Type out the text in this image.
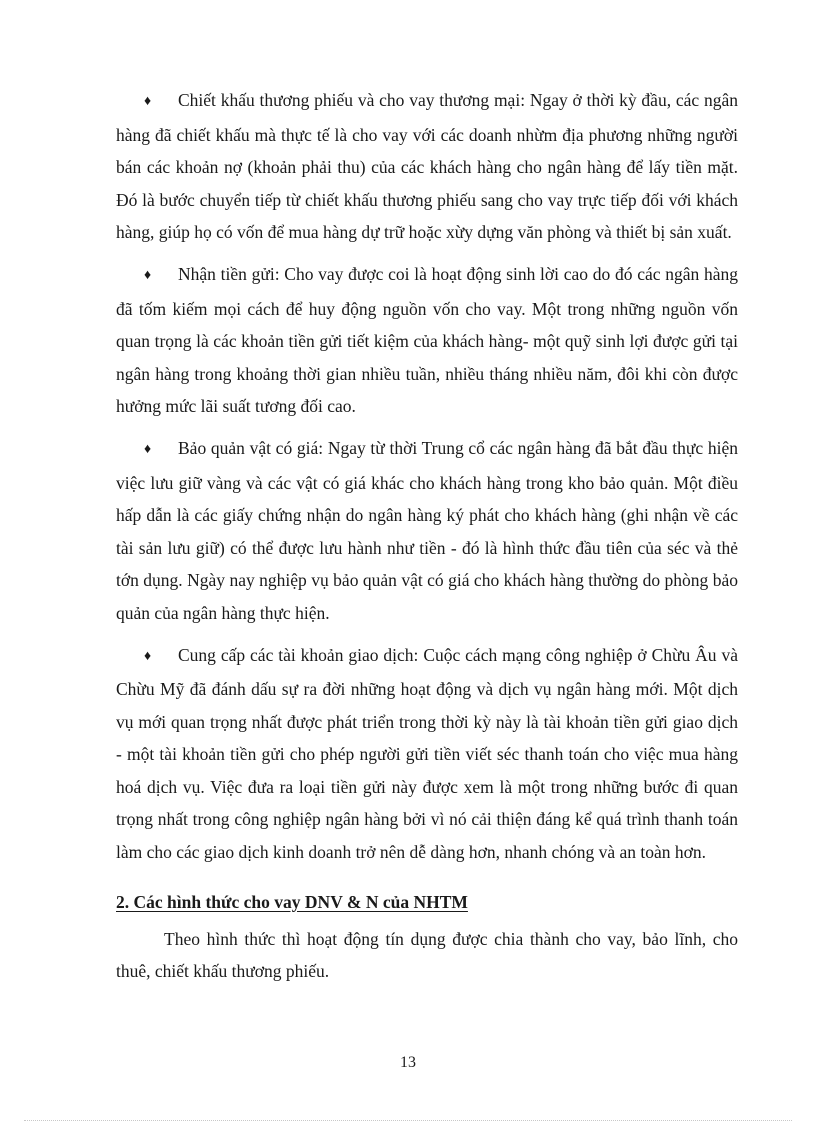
♦ Chiết khấu thương phiếu và cho vay thương mại: Ngay ở thời kỳ đầu, các ngân hàng đã chiết khấu mà thực tế là cho vay với các doanh nhừm địa phương những người bán các khoản nợ (khoản phải thu) của các khách hàng cho ngân hàng để lấy tiền mặt. Đó là bước chuyển tiếp từ chiết khấu thương phiếu sang cho vay trực tiếp đối với khách hàng, giúp họ có vốn để mua hàng dự trữ hoặc xừy dựng văn phòng và thiết bị sản xuất.

♦ Nhận tiền gửi: Cho vay được coi là hoạt động sinh lời cao do đó các ngân hàng đã tốm kiếm mọi cách để huy động nguồn vốn cho vay. Một trong những nguồn vốn quan trọng là các khoản tiền gửi tiết kiệm của khách hàng- một quỹ sinh lợi được gửi tại ngân hàng trong khoảng thời gian nhiều tuần, nhiều tháng nhiều năm, đôi khi còn được hưởng mức lãi suất tương đối cao.

♦ Bảo quản vật có giá: Ngay từ thời Trung cổ các ngân hàng đã bắt đầu thực hiện việc lưu giữ vàng và các vật có giá khác cho khách hàng trong kho bảo quản. Một điều hấp dẫn là các giấy chứng nhận do ngân hàng ký phát cho khách hàng (ghi nhận về các tài sản lưu giữ) có thể được lưu hành như tiền - đó là hình thức đầu tiên của séc và thẻ tớn dụng. Ngày nay nghiệp vụ bảo quản vật có giá cho khách hàng thường do phòng bảo quản của ngân hàng thực hiện.

♦ Cung cấp các tài khoản giao dịch: Cuộc cách mạng công nghiệp ở Chừu Âu và Chừu Mỹ đã đánh dấu sự ra đời những hoạt động và dịch vụ ngân hàng mới. Một dịch vụ mới quan trọng nhất được phát triển trong thời kỳ này là tài khoản tiền gửi giao dịch - một tài khoản tiền gửi cho phép người gửi tiền viết séc thanh toán cho việc mua hàng hoá dịch vụ. Việc đưa ra loại tiền gửi này được xem là một trong những bước đi quan trọng nhất trong công nghiệp ngân hàng bởi vì nó cải thiện đáng kể quá trình thanh toán làm cho các giao dịch kinh doanh trở nên dễ dàng hơn, nhanh chóng và an toàn hơn.

2. Các hình thức cho vay DNV & N của NHTM

Theo hình thức thì hoạt động tín dụng được chia thành cho vay, bảo lĩnh, cho thuê, chiết khấu thương phiếu.

13
